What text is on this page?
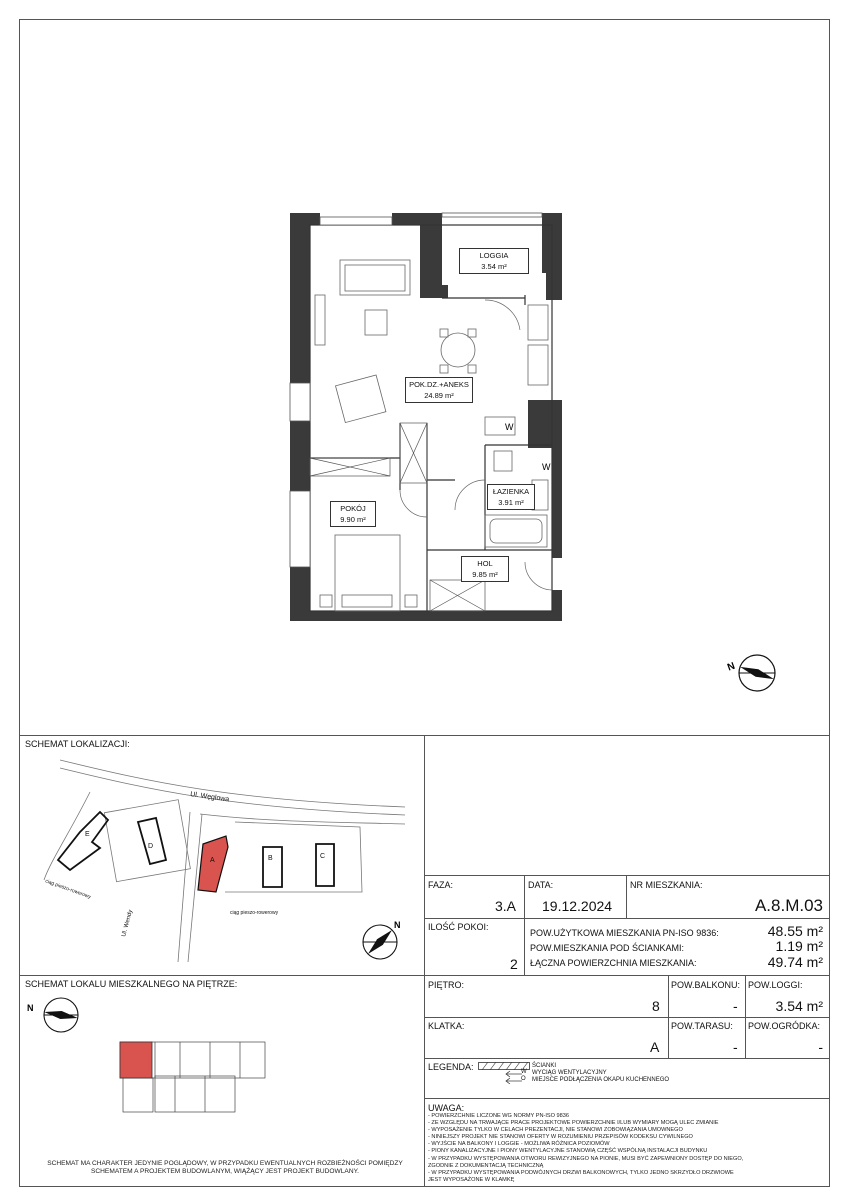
W
W
LOGGIA
3.54 m²
POK.DZ.+ANEKS
24.89 m²
ŁAZIENKA
3.91 m²
POKÓJ
9.90 m²
HOL
9.85 m²
N
SCHEMAT LOKALIZACJI:
E
D
A	B	C
Ul. Węglowa
Ul. Wendy
ciąg pieszo-rowerowy
ciąg pieszo-rowerowy
N
SCHEMAT LOKALU MIESZKALNEGO NA PIĘTRZE:
N
SCHEMAT MA CHARAKTER JEDYNIE POGLĄDOWY, W PRZYPADKU EWENTUALNYCH ROZBIEŻNOŚCI POMIĘDZY
SCHEMATEM A PROJEKTEM BUDOWLANYM, WIĄŻĄCY JEST PROJEKT BUDOWLANY.
FAZA:
3.A
DATA:
19.12.2024
NR MIESZKANIA:
A.8.M.03
ILOŚĆ POKOI:
2
POW.UŻYTKOWA MIESZKANIA PN-ISO 9836:	48.55 m²
POW.MIESZKANIA POD ŚCIANKAMI:	1.19 m²
ŁĄCZNA POWIERZCHNIA MIESZKANIA:	49.74 m²
PIĘTRO:
8
POW.BALKONU:
-
POW.LOGGI:
3.54 m²
KLATKA:
A
POW.TARASU:
-
POW.OGRÓDKA:
-
LEGENDA:	W
O
ŚCIANKI
WYCIĄG WENTYLACYJNY
MIEJSCE PODŁĄCZENIA OKAPU KUCHENNEGO
UWAGA:
- POWIERZCHNIE LICZONE WG NORMY PN-ISO 9836
- ZE WZGLĘDU NA TRWAJĄCE PRACE PROJEKTOWE POWIERZCHNIE I/LUB WYMIARY MOGĄ ULEC ZMIANIE
- WYPOSAŻENIE TYLKO W CELACH PREZENTACJI, NIE STANOWI ZOBOWIĄZANIA UMOWNEGO
- NINIEJSZY PROJEKT NIE STANOWI OFERTY W ROZUMIENIU PRZEPISÓW KODEKSU CYWILNEGO
- WYJŚCIE NA BALKONY I LOGGIE - MOŻLIWA RÓŻNICA POZIOMÓW
- PIONY KANALIZACYJNE I PIONY WENTYLACYJNE STANOWIĄ CZĘŚĆ WSPÓLNĄ INSTALACJI BUDYNKU
- W PRZYPADKU WYSTĘPOWANIA OTWORU REWIZYJNEGO NA PIONIE, MUSI BYĆ ZAPEWNIONY DOSTĘP DO NIEGO,
ZGODNIE Z DOKUMENTACJĄ TECHNICZNĄ
- W PRZYPADKU WYSTĘPOWANIA PODWÓJNYCH DRZWI BALKONOWYCH, TYLKO JEDNO SKRZYDŁO DRZWIOWE
JEST WYPOSAŻONE W KLAMKĘ
